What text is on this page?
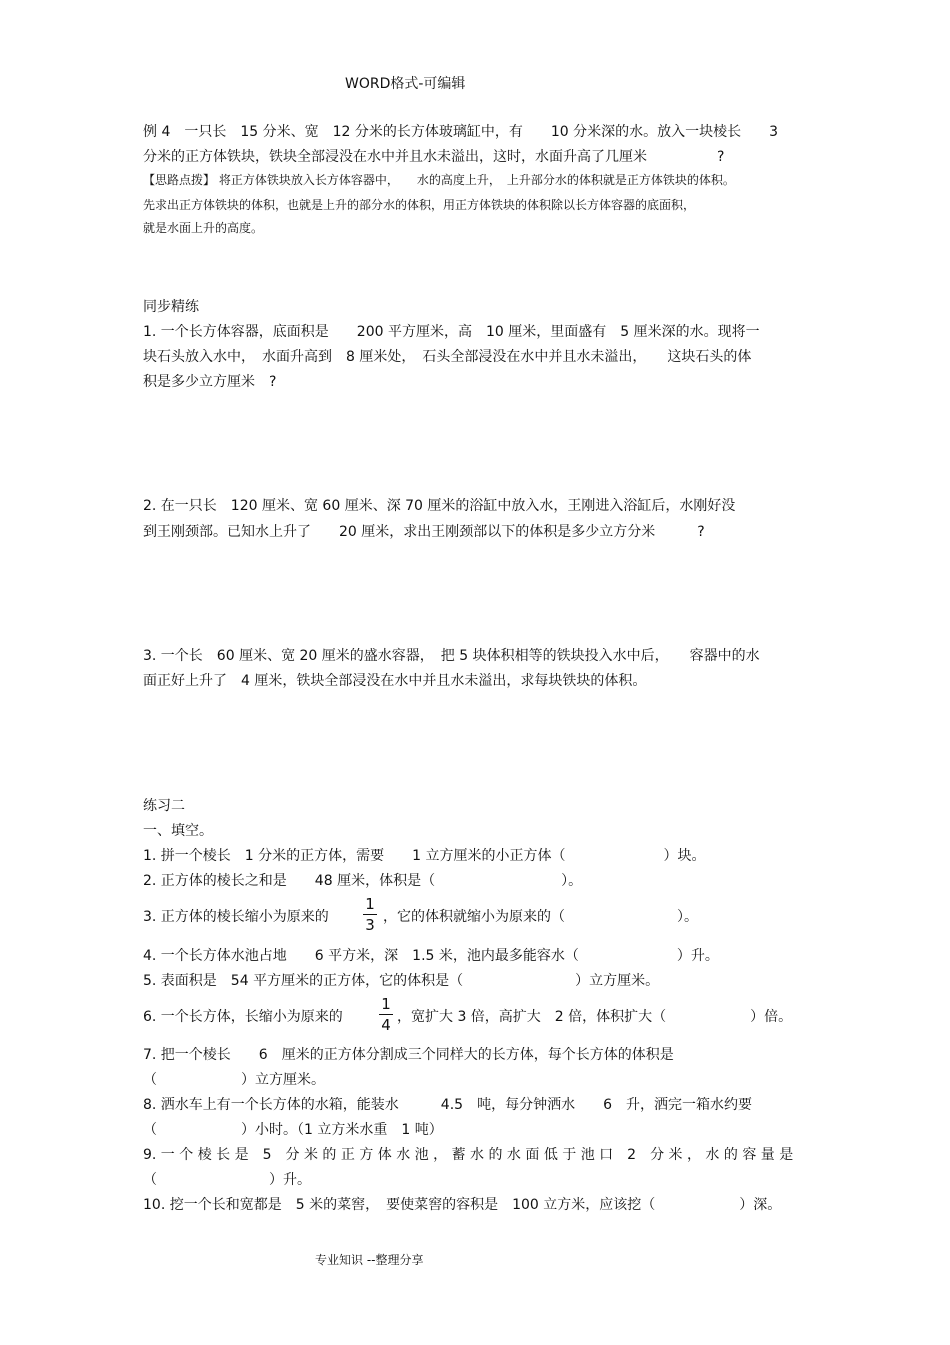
WORD格式-可编辑
例 4　一只长　15 分米、宽　12 分米的长方体玻璃缸中，有　　10 分米深的水。放入一块棱长　　3
分米的正方体铁块，铁块全部浸没在水中并且水未溢出，这时，水面升高了几厘米　　　　　?
【思路点拨】 将正方体铁块放入长方体容器中，　　水的高度上升，　上升部分水的体积就是正方体铁块的体积。
先求出正方体铁块的体积，也就是上升的部分水的体积，用正方体铁块的体积除以长方体容器的底面积，
就是水面上升的高度。
同步精练
1. 一个长方体容器，底面积是　　200 平方厘米，高　10 厘米，里面盛有　5 厘米深的水。现将一
块石头放入水中，　水面升高到　8 厘米处，　石头全部浸没在水中并且水未溢出，　　这块石头的体
积是多少立方厘米　?
2. 在一只长　120 厘米、宽 60 厘米、深 70 厘米的浴缸中放入水，王刚进入浴缸后，水刚好没
到王刚颈部。已知水上升了　　20 厘米，求出王刚颈部以下的体积是多少立方分米　　　?
3. 一个长　60 厘米、宽 20 厘米的盛水容器，　把 5 块体积相等的铁块投入水中后，　　容器中的水
面正好上升了　4 厘米，铁块全部浸没在水中并且水未溢出，求每块铁块的体积。
练习二
一、填空。
1. 拼一个棱长　1 分米的正方体，需要　　1 立方厘米的小正方体（　　　　　　　）块。
2. 正方体的棱长之和是　　48 厘米，体积是（　　　　　　　　　）。
3. 正方体的棱长缩小为原来的
1
3 ，它的体积就缩小为原来的（　　　　　　　　）。
4. 一个长方体水池占地　　6 平方米，深　1.5 米，池内最多能容水（　　　　　　　）升。
5. 表面积是　54 平方厘米的正方体，它的体积是（　　　　　　　　）立方厘米。
6. 一个长方体，长缩小为原来的
1
4 ，宽扩大 3 倍，高扩大　2 倍，体积扩大（　　　　　　）倍。
7. 把一个棱长　　6　厘米的正方体分割成三个同样大的长方体，每个长方体的体积是
（　　　　　　）立方厘米。
8. 洒水车上有一个长方体的水箱，能装水　　　4.5　吨，每分钟洒水　　6　升，洒完一箱水约要
（　　　　　　）小时。（1 立方米水重　1 吨）
9. 一 个 棱 长 是　5　分 米 的 正 方 体 水 池 ， 蓄 水 的 水 面 低 于 池 口　2　分 米 ， 水 的 容 量 是
（　　　　　　　　）升。
10. 挖一个长和宽都是　5 米的菜窖，　要使菜窖的容积是　100 立方米，应该挖（　　　　　　）深。
专业知识 --整理分享
